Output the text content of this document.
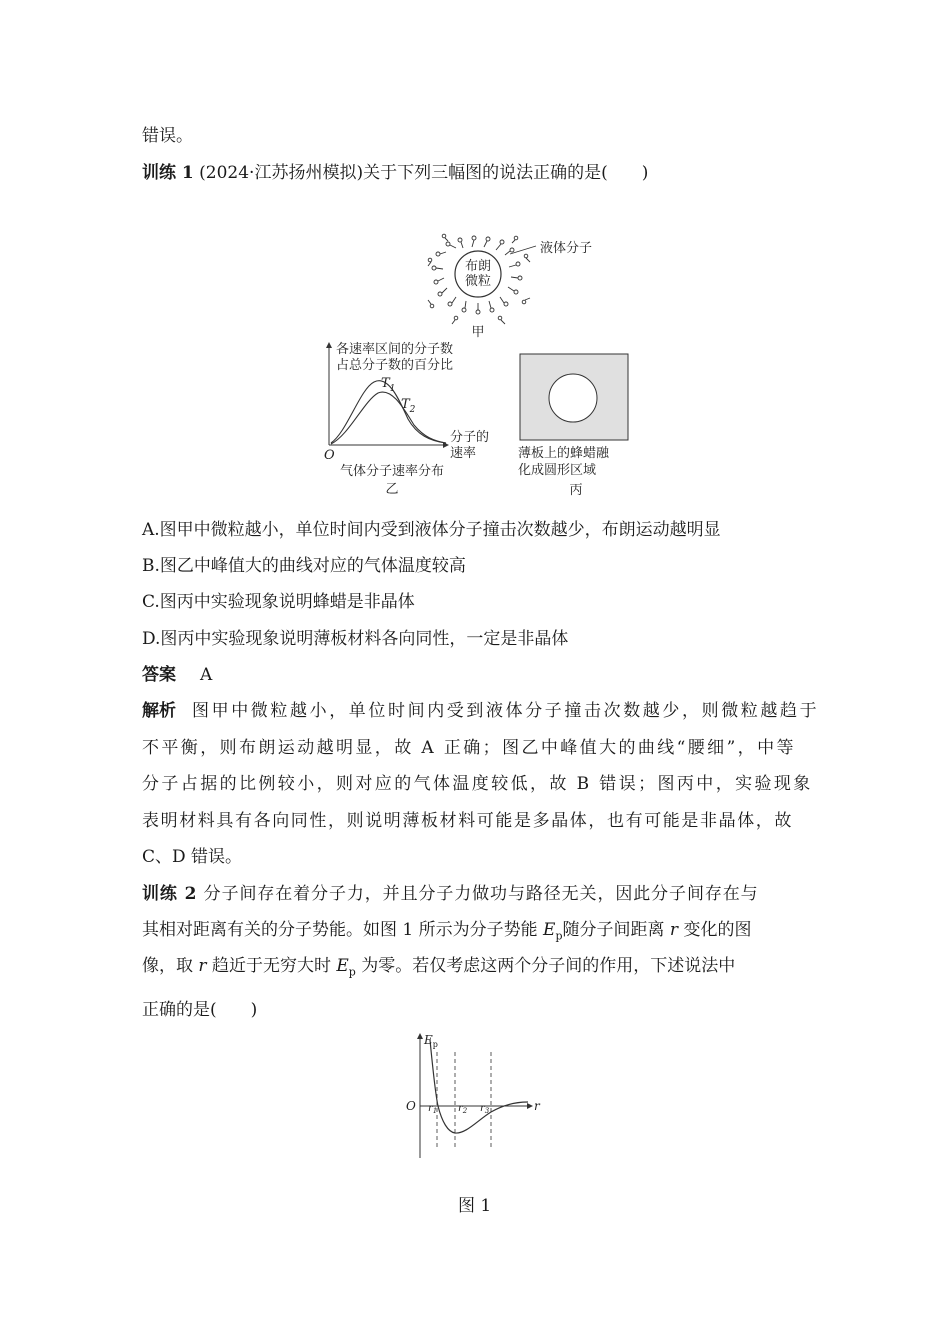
错误。
训练 1 (2024·江苏扬州模拟)关于下列三幅图的说法正确的是(　　)
布朗
微粒
液体分子
甲
各速率区间的分子数
占总分子数的百分比
$T_1$
$T_2$
分子的
速率
O
气体分子速率分布
乙
薄板上的蜂蜡融
化成圆形区域
丙
A.图甲中微粒越小，单位时间内受到液体分子撞击次数越少，布朗运动越明显
B.图乙中峰值大的曲线对应的气体温度较高
C.图丙中实验现象说明蜂蜡是非晶体
D.图丙中实验现象说明薄板材料各向同性，一定是非晶体
答案 A
解析 图甲中微粒越小，单位时间内受到液体分子撞击次数越少，则微粒越趋于
不平衡，则布朗运动越明显，故 A 正确；图乙中峰值大的曲线“腰细”，中等
分子占据的比例较小，则对应的气体温度较低，故 B 错误；图丙中，实验现象
表明材料具有各向同性，则说明薄板材料可能是多晶体，也有可能是非晶体，故
C、D 错误。
训练 2 分子间存在着分子力，并且分子力做功与路径无关，因此分子间存在与
其相对距离有关的分子势能。如图 1 所示为分子势能 $E_p$随分子间距离 r 变化的图
像，取 r 趋近于无穷大时 $E_p$ 为零。若仅考虑这两个分子间的作用，下述说法中
正确的是(　　)
$E_p$
O	r
$r_1$ $r_2$ $r_3$
图 1
